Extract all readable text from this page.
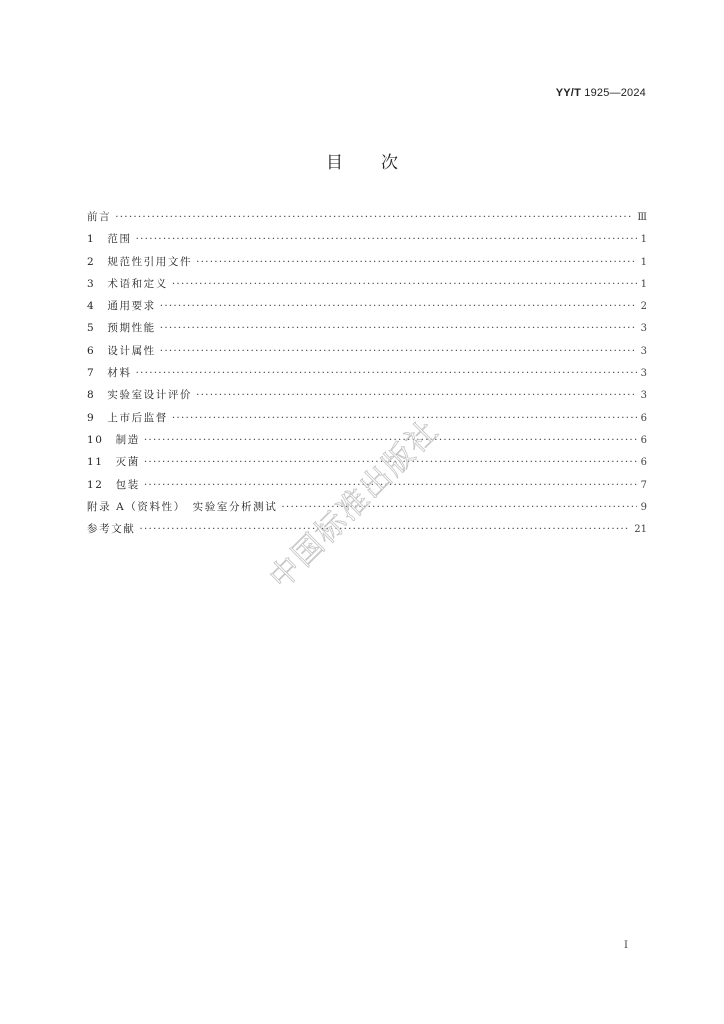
YY/T 1925—2024
目次
前言 ·····	Ⅲ
1　范围 ·····	1
2　规范性引用文件 ·····	1
3　术语和定义 ·····	1
4　通用要求 ·····	2
5　预期性能 ·····	3
6　设计属性 ·····	3
7　材料 ·····	3
8　实验室设计评价 ·····	3
9　上市后监督 ·····	6
10　制造 ·····	6
11　灭菌 ·····	6
12　包装 ·····	7
附录 A（资料性）　实验室分析测试 ·····	9
参考文献 ·····	21
中国标准出版社
I
